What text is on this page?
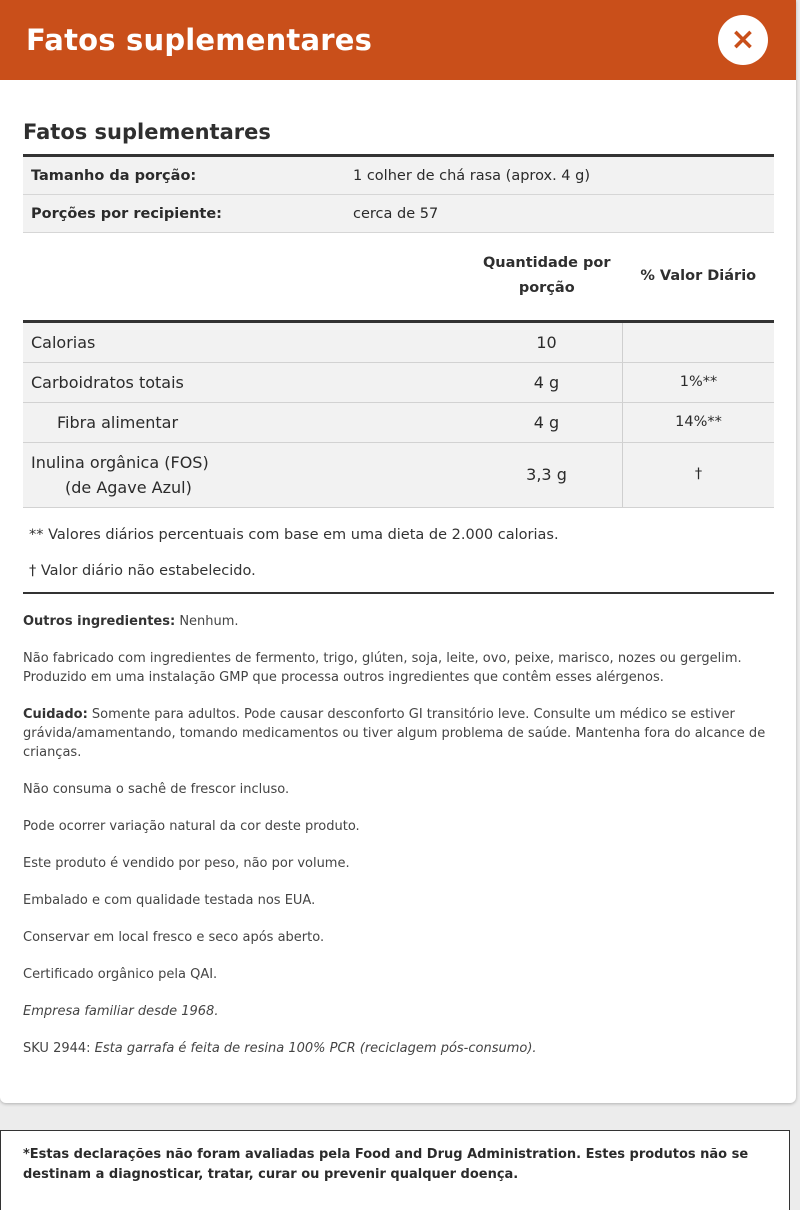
Fatos suplementares	×
Fatos suplementares
Tamanho da porção:	1 colher de chá rasa (aprox. 4 g)
Porções por recipiente:	cerca de 57
	Quantidade por
porção	% Valor Diário
Calorias	10	
Carboidratos totais	4 g	1%**
Fibra alimentar	4 g	14%**
Inulina orgânica (FOS)
(de Agave Azul)	3,3 g	†
** Valores diários percentuais com base em uma dieta de 2.000 calorias.
† Valor diário não estabelecido.

Outros ingredientes: Nenhum.

Não fabricado com ingredientes de fermento, trigo, glúten, soja, leite, ovo, peixe, marisco, nozes ou gergelim. Produzido em uma instalação GMP que processa outros ingredientes que contêm esses alérgenos.

Cuidado: Somente para adultos. Pode causar desconforto GI transitório leve. Consulte um médico se estiver grávida/amamentando, tomando medicamentos ou tiver algum problema de saúde. Mantenha fora do alcance de crianças.

Não consuma o sachê de frescor incluso.

Pode ocorrer variação natural da cor deste produto.

Este produto é vendido por peso, não por volume.

Embalado e com qualidade testada nos EUA.

Conservar em local fresco e seco após aberto.

Certificado orgânico pela QAI.

Empresa familiar desde 1968.

SKU 2944: Esta garrafa é feita de resina 100% PCR (reciclagem pós-consumo).

*Estas declarações não foram avaliadas pela Food and Drug Administration. Estes produtos não se destinam a diagnosticar, tratar, curar ou prevenir qualquer doença.
